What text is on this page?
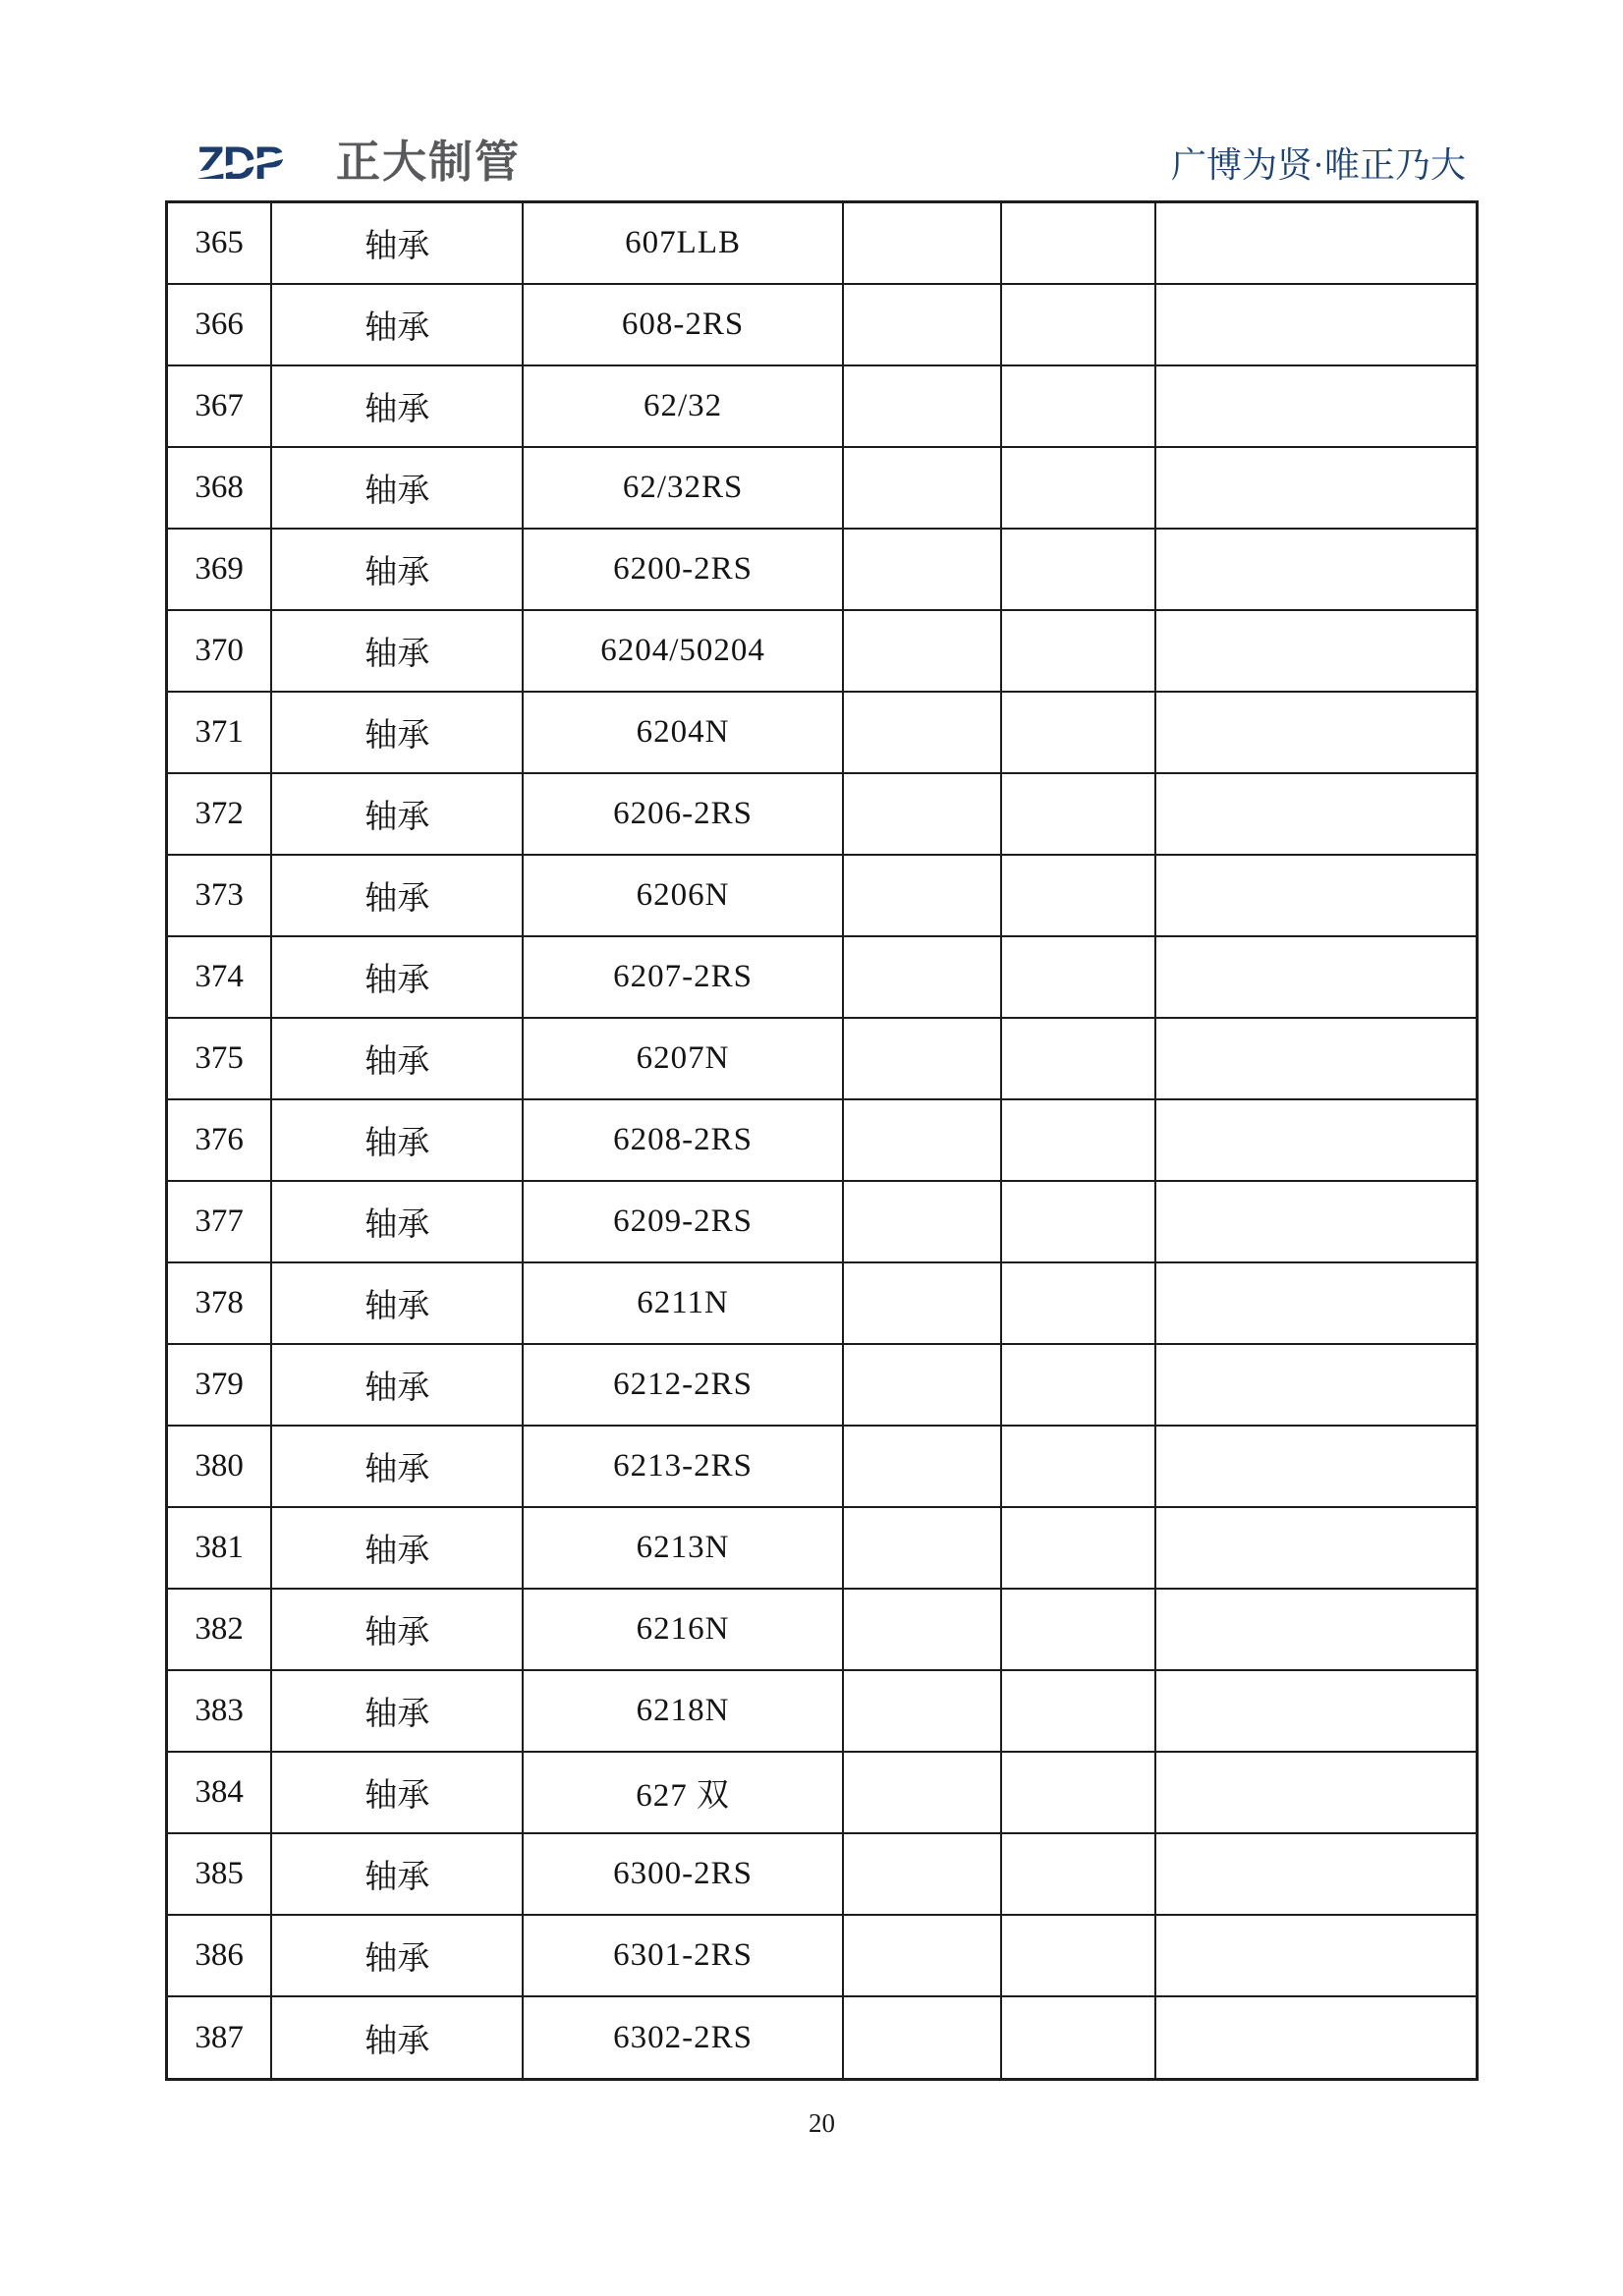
ZDP 正大制管	广博为贤·唯正乃大
365	轴承	607LLB			
366	轴承	608-2RS			
367	轴承	62/32			
368	轴承	62/32RS			
369	轴承	6200-2RS			
370	轴承	6204/50204			
371	轴承	6204N			
372	轴承	6206-2RS			
373	轴承	6206N			
374	轴承	6207-2RS			
375	轴承	6207N			
376	轴承	6208-2RS			
377	轴承	6209-2RS			
378	轴承	6211N			
379	轴承	6212-2RS			
380	轴承	6213-2RS			
381	轴承	6213N			
382	轴承	6216N			
383	轴承	6218N			
384	轴承	627 双			
385	轴承	6300-2RS			
386	轴承	6301-2RS			
387	轴承	6302-2RS			
20
